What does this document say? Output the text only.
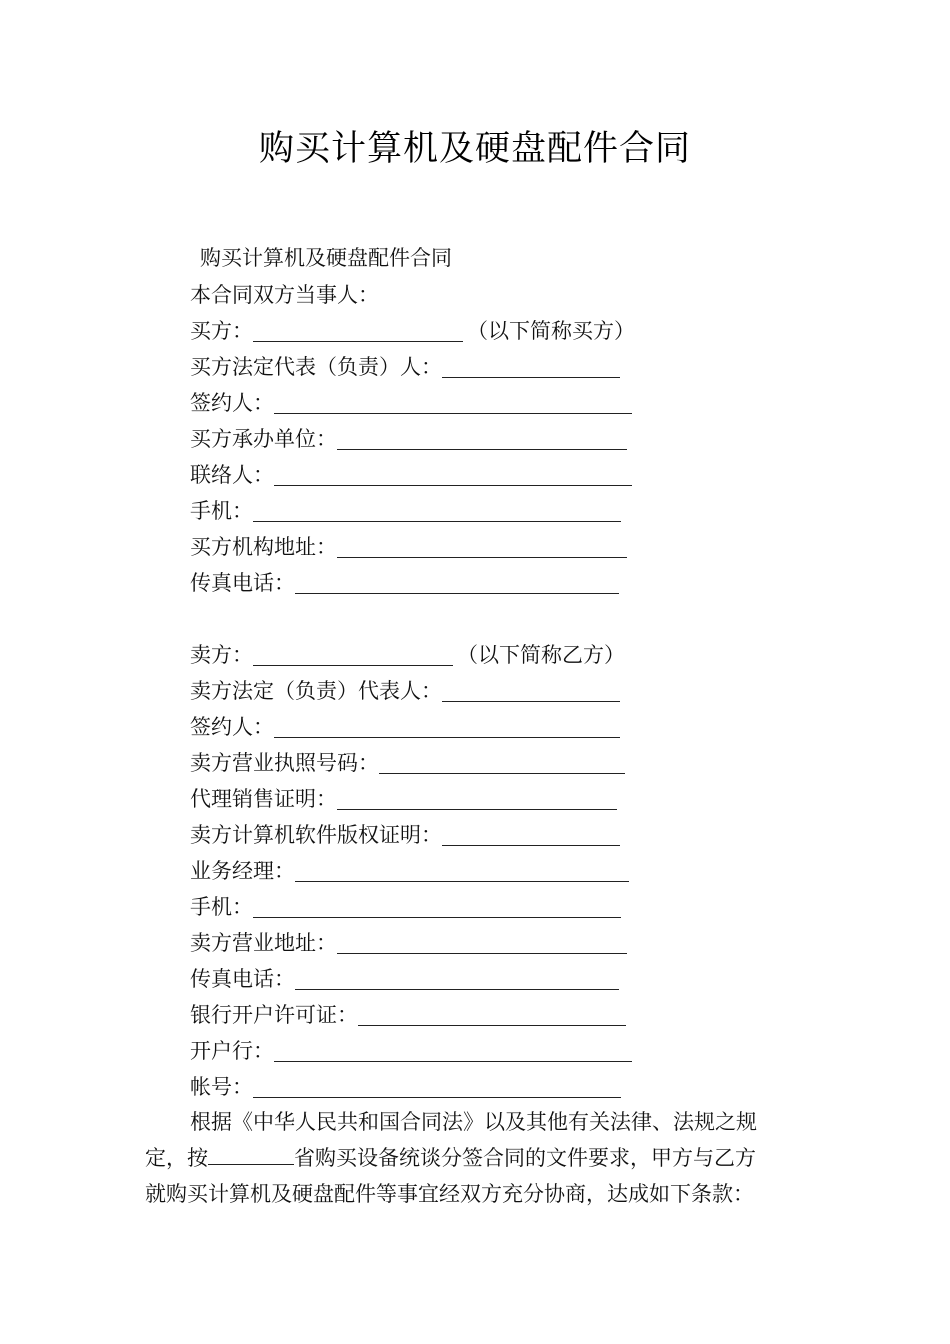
购买计算机及硬盘配件合同
购买计算机及硬盘配件合同
本合同双方当事人：
买方：	（以下简称买方）
买方法定代表（负责）人：
签约人：
买方承办单位：
联络人：
手机：
买方机构地址：
传真电话：
卖方：	（以下简称乙方）
卖方法定（负责）代表人：
签约人：
卖方营业执照号码：
代理销售证明：
卖方计算机软件版权证明：
业务经理：
手机：
卖方营业地址：
传真电话：
银行开户许可证：
开户行：
帐号：
根据《中华人民共和国合同法》以及其他有关法律、法规之规
定，按	省购买设备统谈分签合同的文件要求，甲方与乙方
就购买计算机及硬盘配件等事宜经双方充分协商，达成如下条款：
